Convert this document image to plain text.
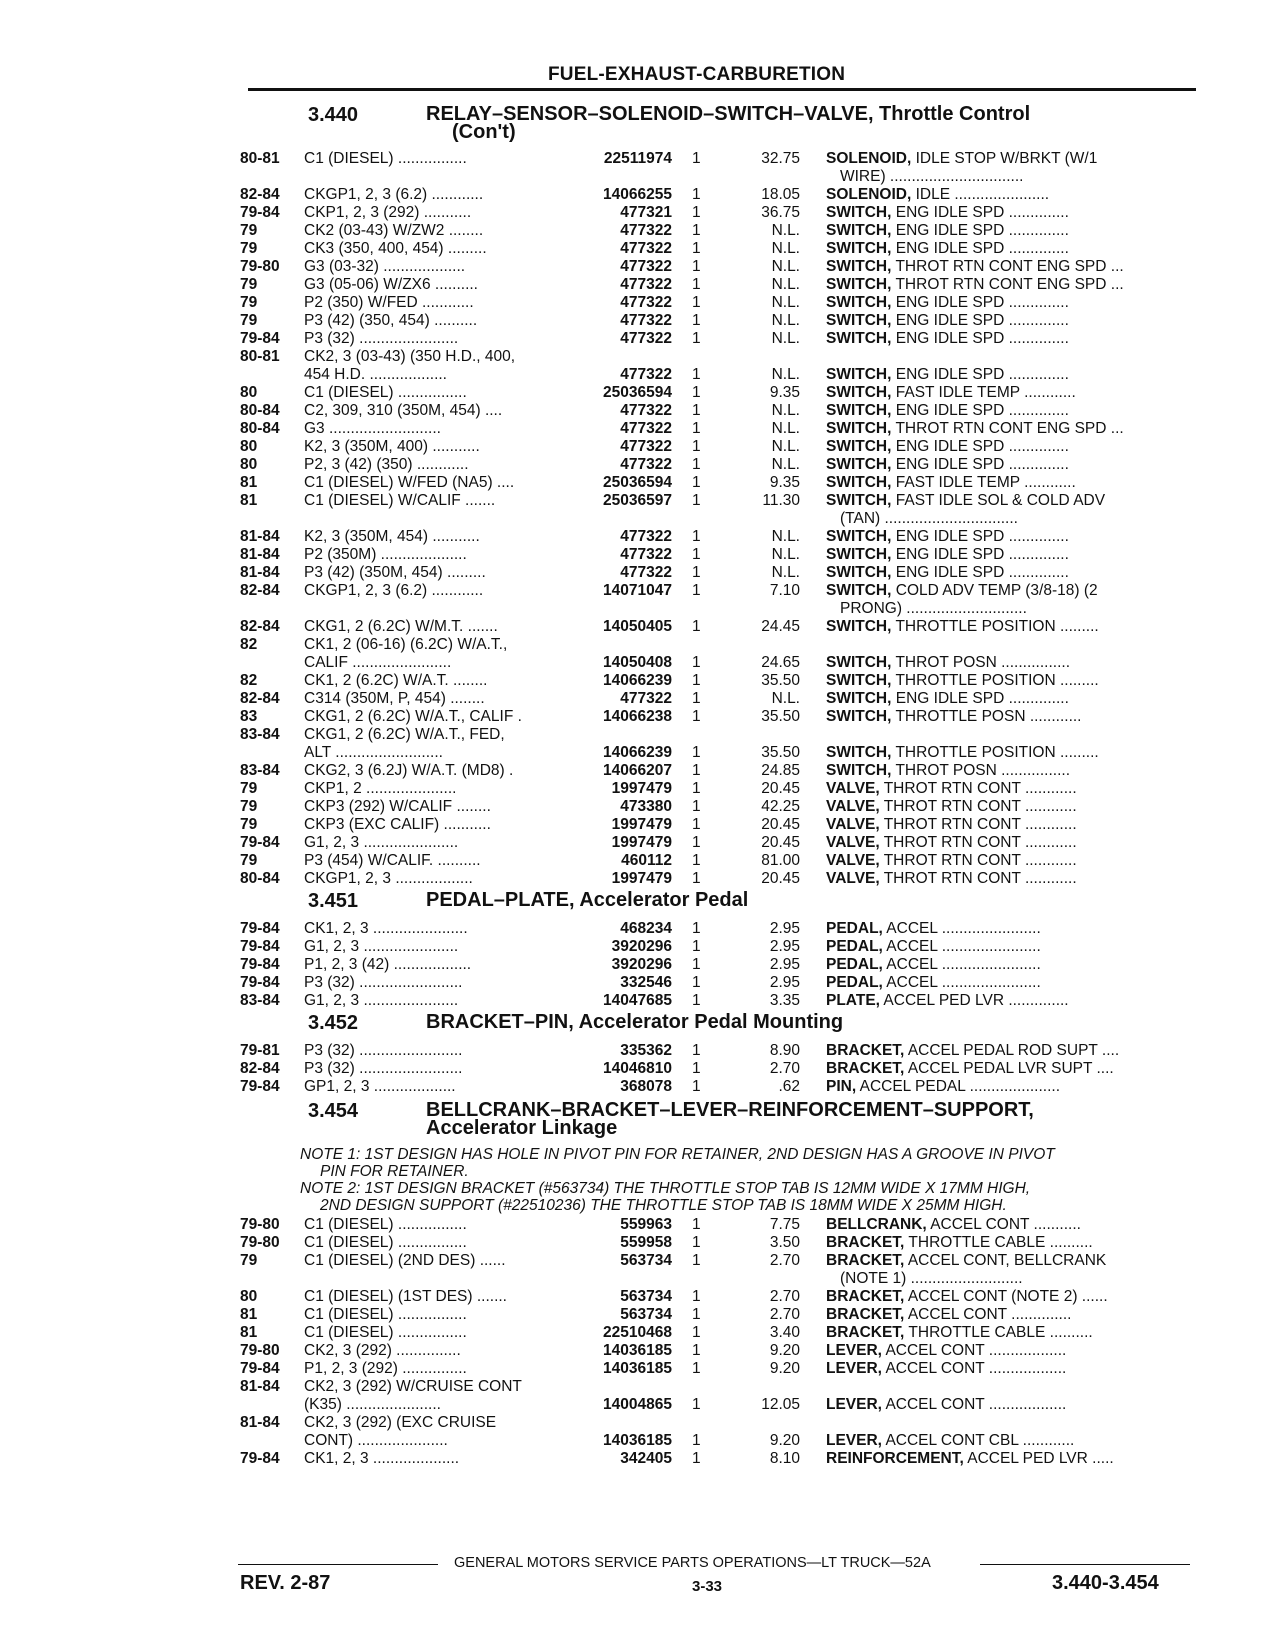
FUEL-EXHAUST-CARBURETION
3.440	RELAY–SENSOR–SOLENOID–SWITCH–VALVE, Throttle Control
(Con't)
80-81	C1 (DIESEL) ................	22511974 1	32.75 SOLENOID, IDLE STOP W/BRKT (W/1
WIRE) ...............................
82-84	CKGP1, 2, 3 (6.2) ............	14066255 1	18.05 SOLENOID, IDLE ......................
79-84	CKP1, 2, 3 (292) ...........	477321 1	36.75 SWITCH, ENG IDLE SPD ..............
79	CK2 (03-43) W/ZW2 ........	477322 1	N.L. SWITCH, ENG IDLE SPD ..............
79	CK3 (350, 400, 454) .........	477322 1	N.L. SWITCH, ENG IDLE SPD ..............
79-80	G3 (03-32) ...................	477322 1	N.L. SWITCH, THROT RTN CONT ENG SPD ...
79	G3 (05-06) W/ZX6 ..........	477322 1	N.L. SWITCH, THROT RTN CONT ENG SPD ...
79	P2 (350) W/FED ............	477322 1	N.L. SWITCH, ENG IDLE SPD ..............
79	P3 (42) (350, 454) ..........	477322 1	N.L. SWITCH, ENG IDLE SPD ..............
79-84	P3 (32) .......................	477322 1	N.L. SWITCH, ENG IDLE SPD ..............
80-81	CK2, 3 (03-43) (350 H.D., 400,
454 H.D. ..................	477322 1	N.L. SWITCH, ENG IDLE SPD ..............
80	C1 (DIESEL) ................	25036594 1	9.35 SWITCH, FAST IDLE TEMP ............
80-84	C2, 309, 310 (350M, 454) ....	477322 1	N.L. SWITCH, ENG IDLE SPD ..............
80-84	G3 ..........................	477322 1	N.L. SWITCH, THROT RTN CONT ENG SPD ...
80	K2, 3 (350M, 400) ...........	477322 1	N.L. SWITCH, ENG IDLE SPD ..............
80	P2, 3 (42) (350) ............	477322 1	N.L. SWITCH, ENG IDLE SPD ..............
81	C1 (DIESEL) W/FED (NA5) ....	25036594 1	9.35 SWITCH, FAST IDLE TEMP ............
81	C1 (DIESEL) W/CALIF .......	25036597 1	11.30 SWITCH, FAST IDLE SOL & COLD ADV
(TAN) ...............................
81-84	K2, 3 (350M, 454) ...........	477322 1	N.L. SWITCH, ENG IDLE SPD ..............
81-84	P2 (350M) ....................	477322 1	N.L. SWITCH, ENG IDLE SPD ..............
81-84	P3 (42) (350M, 454) .........	477322 1	N.L. SWITCH, ENG IDLE SPD ..............
82-84	CKGP1, 2, 3 (6.2) ............	14071047 1	7.10 SWITCH, COLD ADV TEMP (3/8-18) (2
PRONG) ............................
82-84	CKG1, 2 (6.2C) W/M.T. .......	14050405 1	24.45 SWITCH, THROTTLE POSITION .........
82	CK1, 2 (06-16) (6.2C) W/A.T.,
CALIF .......................	14050408 1	24.65 SWITCH, THROT POSN ................
82	CK1, 2 (6.2C) W/A.T. ........	14066239 1	35.50 SWITCH, THROTTLE POSITION .........
82-84	C314 (350M, P, 454) ........	477322 1	N.L. SWITCH, ENG IDLE SPD ..............
83	CKG1, 2 (6.2C) W/A.T., CALIF .	14066238 1	35.50 SWITCH, THROTTLE POSN ............
83-84	CKG1, 2 (6.2C) W/A.T., FED,
ALT .........................	14066239 1	35.50 SWITCH, THROTTLE POSITION .........
83-84	CKG2, 3 (6.2J) W/A.T. (MD8) .	14066207 1	24.85 SWITCH, THROT POSN ................
79	CKP1, 2 .....................	1997479 1	20.45 VALVE, THROT RTN CONT ............
79	CKP3 (292) W/CALIF ........	473380 1	42.25 VALVE, THROT RTN CONT ............
79	CKP3 (EXC CALIF) ...........	1997479 1	20.45 VALVE, THROT RTN CONT ............
79-84	G1, 2, 3 ......................	1997479 1	20.45 VALVE, THROT RTN CONT ............
79	P3 (454) W/CALIF. ..........	460112 1	81.00 VALVE, THROT RTN CONT ............
80-84	CKGP1, 2, 3 ..................	1997479 1	20.45 VALVE, THROT RTN CONT ............
3.451	PEDAL–PLATE, Accelerator Pedal
79-84	CK1, 2, 3 ......................	468234 1	2.95 PEDAL, ACCEL .......................
79-84	G1, 2, 3 ......................	3920296 1	2.95 PEDAL, ACCEL .......................
79-84	P1, 2, 3 (42) ..................	3920296 1	2.95 PEDAL, ACCEL .......................
79-84	P3 (32) ........................	332546 1	2.95 PEDAL, ACCEL .......................
83-84	G1, 2, 3 ......................	14047685 1	3.35 PLATE, ACCEL PED LVR ..............
3.452	BRACKET–PIN, Accelerator Pedal Mounting
79-81	P3 (32) ........................	335362 1	8.90 BRACKET, ACCEL PEDAL ROD SUPT ....
82-84	P3 (32) ........................	14046810 1	2.70 BRACKET, ACCEL PEDAL LVR SUPT ....
79-84	GP1, 2, 3 ...................	368078 1	.62 PIN, ACCEL PEDAL .....................
3.454	BELLCRANK–BRACKET–LEVER–REINFORCEMENT–SUPPORT,
Accelerator Linkage
NOTE 1: 1ST DESIGN HAS HOLE IN PIVOT PIN FOR RETAINER, 2ND DESIGN HAS A GROOVE IN PIVOT
PIN FOR RETAINER.
NOTE 2: 1ST DESIGN BRACKET (#563734) THE THROTTLE STOP TAB IS 12MM WIDE X 17MM HIGH,
2ND DESIGN SUPPORT (#22510236) THE THROTTLE STOP TAB IS 18MM WIDE X 25MM HIGH.
79-80	C1 (DIESEL) ................	559963 1	7.75 BELLCRANK, ACCEL CONT ...........
79-80	C1 (DIESEL) ................	559958 1	3.50 BRACKET, THROTTLE CABLE ..........
79	C1 (DIESEL) (2ND DES) ......	563734 1	2.70 BRACKET, ACCEL CONT, BELLCRANK
(NOTE 1) ..........................
80	C1 (DIESEL) (1ST DES) .......	563734 1	2.70 BRACKET, ACCEL CONT (NOTE 2) ......
81	C1 (DIESEL) ................	563734 1	2.70 BRACKET, ACCEL CONT ..............
81	C1 (DIESEL) ................	22510468 1	3.40 BRACKET, THROTTLE CABLE ..........
79-80	CK2, 3 (292) ...............	14036185 1	9.20 LEVER, ACCEL CONT ..................
79-84	P1, 2, 3 (292) ...............	14036185 1	9.20 LEVER, ACCEL CONT ..................
81-84	CK2, 3 (292) W/CRUISE CONT
(K35) ......................	14004865 1	12.05 LEVER, ACCEL CONT ..................
81-84	CK2, 3 (292) (EXC CRUISE
CONT) .....................	14036185 1	9.20 LEVER, ACCEL CONT CBL ............
79-84	CK1, 2, 3 ....................	342405 1	8.10 REINFORCEMENT, ACCEL PED LVR .....
GENERAL MOTORS SERVICE PARTS OPERATIONS—LT TRUCK—52A
REV. 2-87	3-33	3.440-3.454
